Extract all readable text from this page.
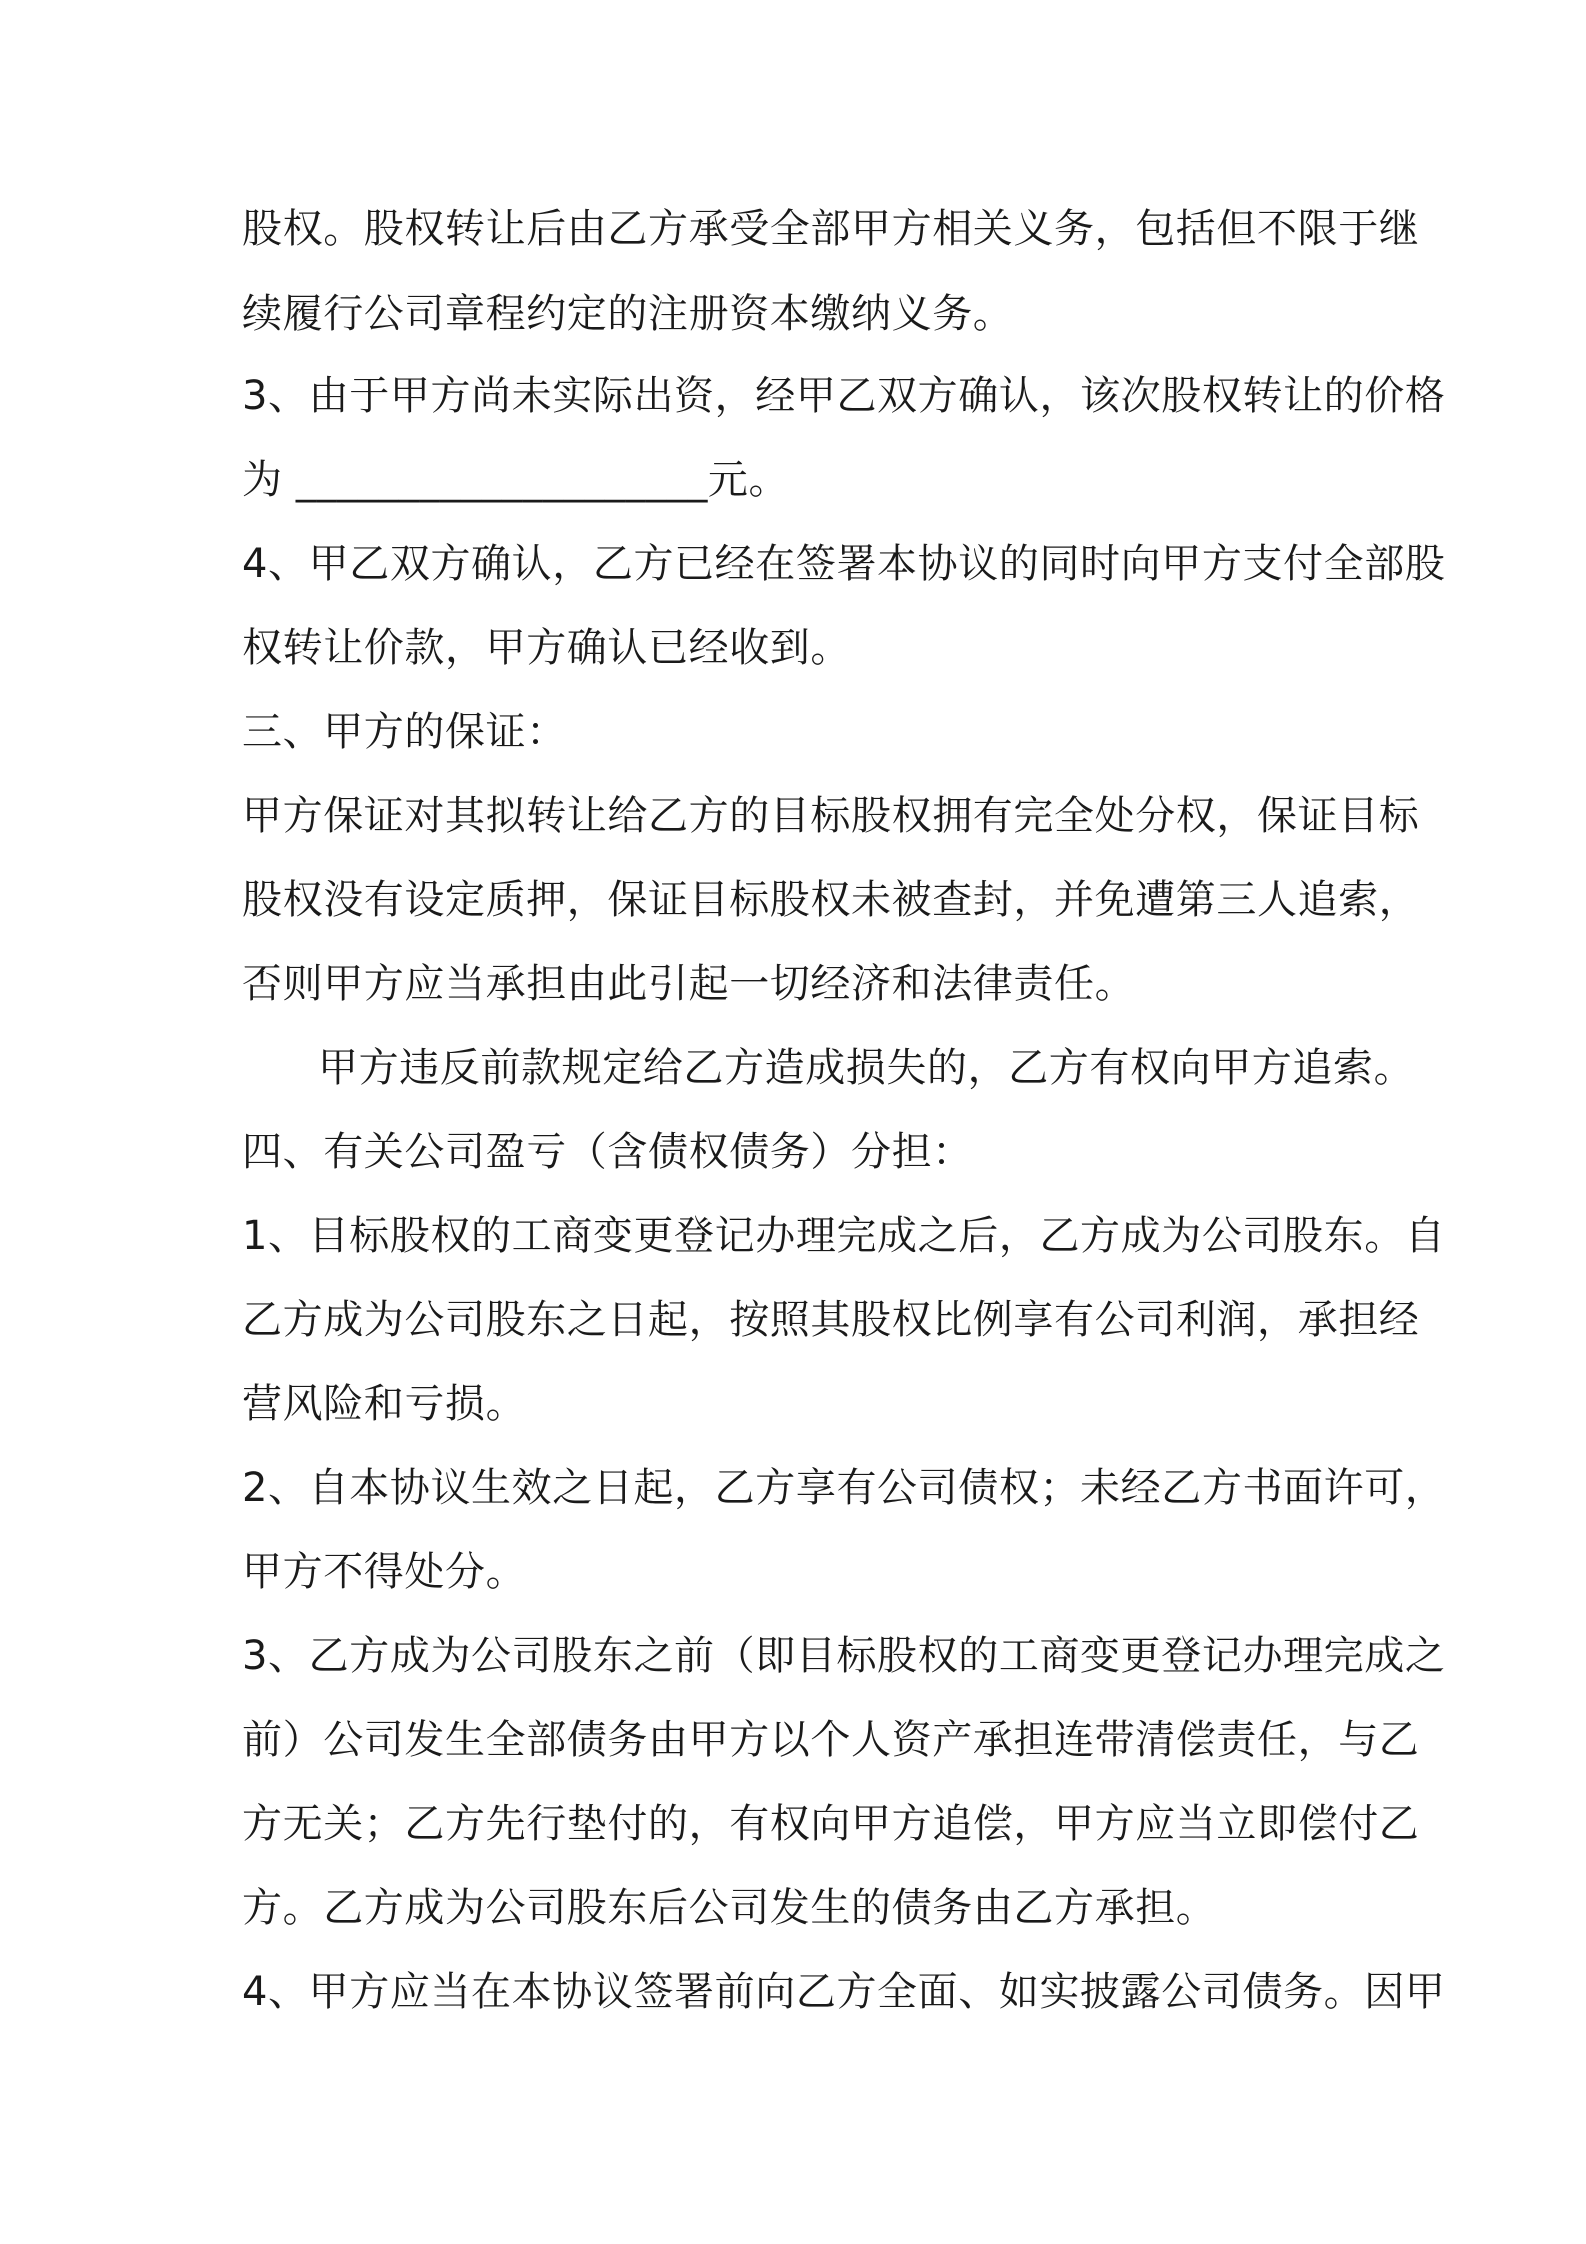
股权。股权转让后由乙方承受全部甲方相关义务，包括但不限于继
续履行公司章程约定的注册资本缴纳义务。
3、由于甲方尚未实际出资，经甲乙双方确认，该次股权转让的价格
为 ____________________元。
4、甲乙双方确认，乙方已经在签署本协议的同时向甲方支付全部股
权转让价款，甲方确认已经收到。
三、甲方的保证：
甲方保证对其拟转让给乙方的目标股权拥有完全处分权，保证目标
股权没有设定质押，保证目标股权未被查封，并免遭第三人追索，
否则甲方应当承担由此引起一切经济和法律责任。
甲方违反前款规定给乙方造成损失的，乙方有权向甲方追索。
四、有关公司盈亏（含债权债务）分担：
1、目标股权的工商变更登记办理完成之后，乙方成为公司股东。自
乙方成为公司股东之日起，按照其股权比例享有公司利润，承担经
营风险和亏损。
2、自本协议生效之日起，乙方享有公司债权；未经乙方书面许可，
甲方不得处分。
3、乙方成为公司股东之前（即目标股权的工商变更登记办理完成之
前）公司发生全部债务由甲方以个人资产承担连带清偿责任，与乙
方无关；乙方先行垫付的，有权向甲方追偿，甲方应当立即偿付乙
方。乙方成为公司股东后公司发生的债务由乙方承担。
4、甲方应当在本协议签署前向乙方全面、如实披露公司债务。因甲
